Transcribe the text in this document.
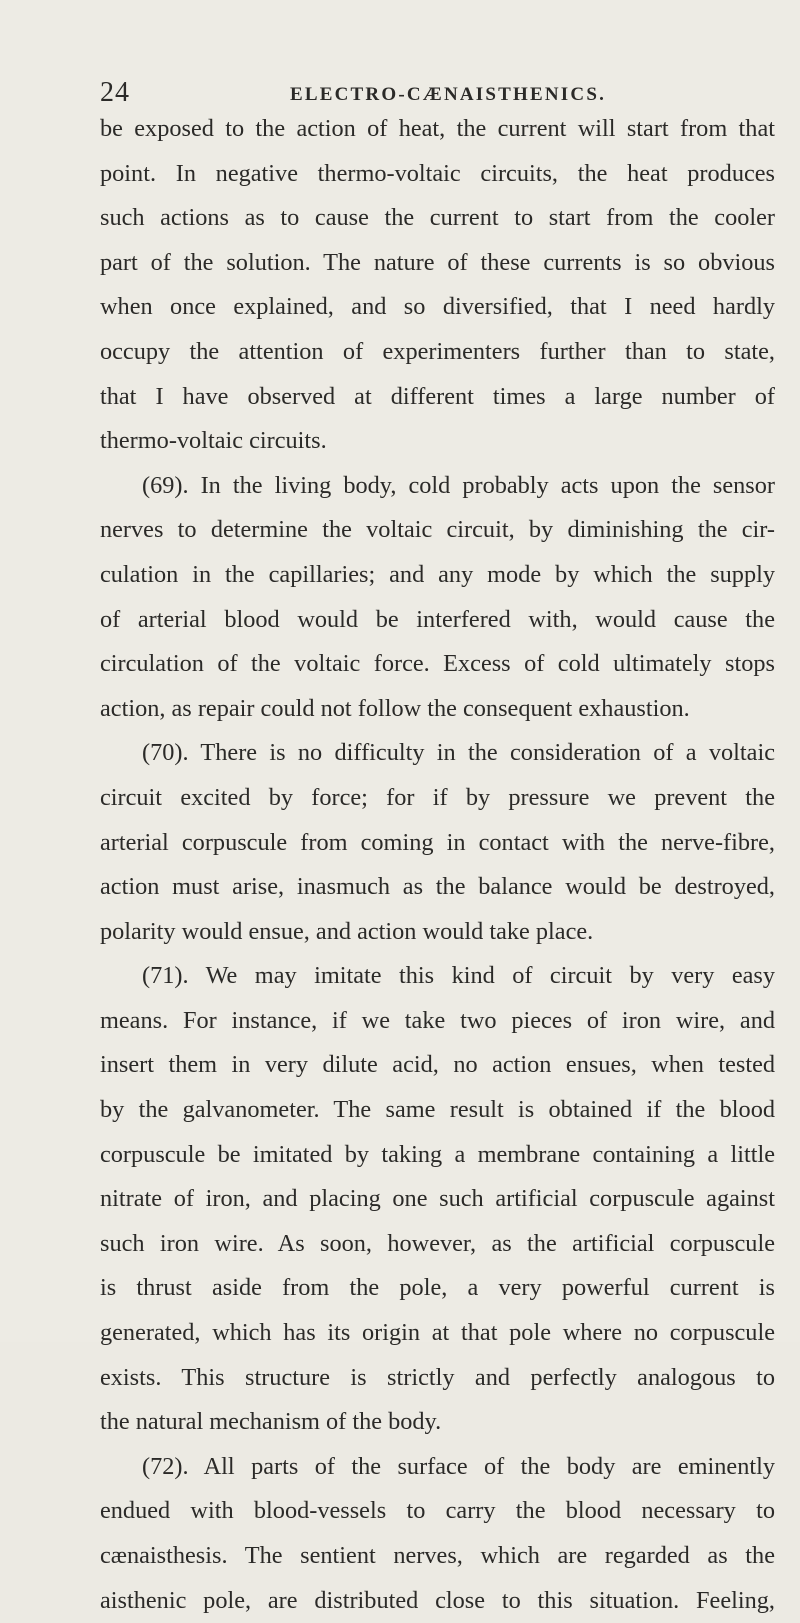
24	ELECTRO-CÆNAISTHENICS.
be exposed to the action of heat, the current will start from that
point. In negative thermo-voltaic circuits, the heat produces
such actions as to cause the current to start from the cooler
part of the solution. The nature of these currents is so obvious
when once explained, and so diversified, that I need hardly
occupy the attention of experimenters further than to state,
that I have observed at different times a large number of
thermo-voltaic circuits.
(69). In the living body, cold probably acts upon the sensor
nerves to determine the voltaic circuit, by diminishing the cir-
culation in the capillaries; and any mode by which the supply
of arterial blood would be interfered with, would cause the
circulation of the voltaic force. Excess of cold ultimately stops
action, as repair could not follow the consequent exhaustion.
(70). There is no difficulty in the consideration of a voltaic
circuit excited by force; for if by pressure we prevent the
arterial corpuscule from coming in contact with the nerve-fibre,
action must arise, inasmuch as the balance would be destroyed,
polarity would ensue, and action would take place.
(71). We may imitate this kind of circuit by very easy
means. For instance, if we take two pieces of iron wire, and
insert them in very dilute acid, no action ensues, when tested
by the galvanometer. The same result is obtained if the blood
corpuscule be imitated by taking a membrane containing a little
nitrate of iron, and placing one such artificial corpuscule against
such iron wire. As soon, however, as the artificial corpuscule
is thrust aside from the pole, a very powerful current is
generated, which has its origin at that pole where no corpuscule
exists. This structure is strictly and perfectly analogous to
the natural mechanism of the body.
(72). All parts of the surface of the body are eminently
endued with blood-vessels to carry the blood necessary to
cænaisthesis. The sentient nerves, which are regarded as the
aisthenic pole, are distributed close to this situation. Feeling,
